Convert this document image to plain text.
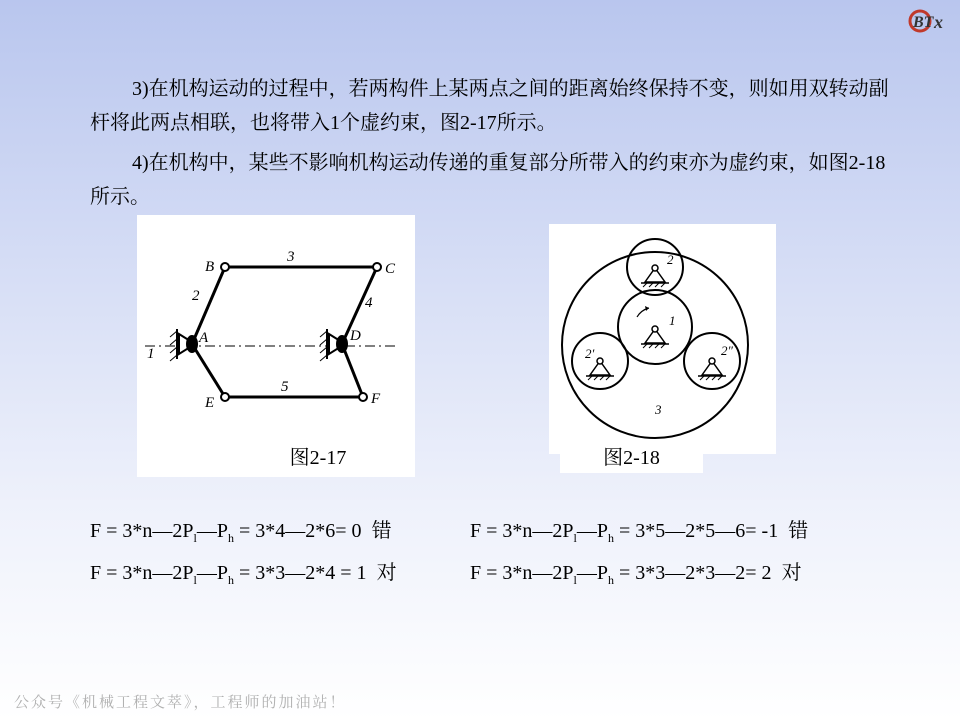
BT x

3)在机构运动的过程中，若两构件上某两点之间的距离始终保持不变，则如用双转动副杆将此两点相联，也将带入1个虚约束，图2-17所示。

4)在机构中，某些不影响机构运动传递的重复部分所带入的约束亦为虚约束，如图2-18所示。

B	C
A	D
E	F
1
2
3
4
5
图2-17
2
1
2′	2″
3
图2-18
$F = 3*n—2P_l—P_h$ = 3*4—2*6= 0 错	$F = 3*n—2P_l—P_h$ = 3*5—2*5—6= -1 错
$F = 3*n—2P_l—P_h$ = 3*3—2*4 = 1 对	$F = 3*n—2P_l—P_h$ = 3*3—2*3—2= 2 对
公众号《机械工程文萃》，工程师的加油站！
